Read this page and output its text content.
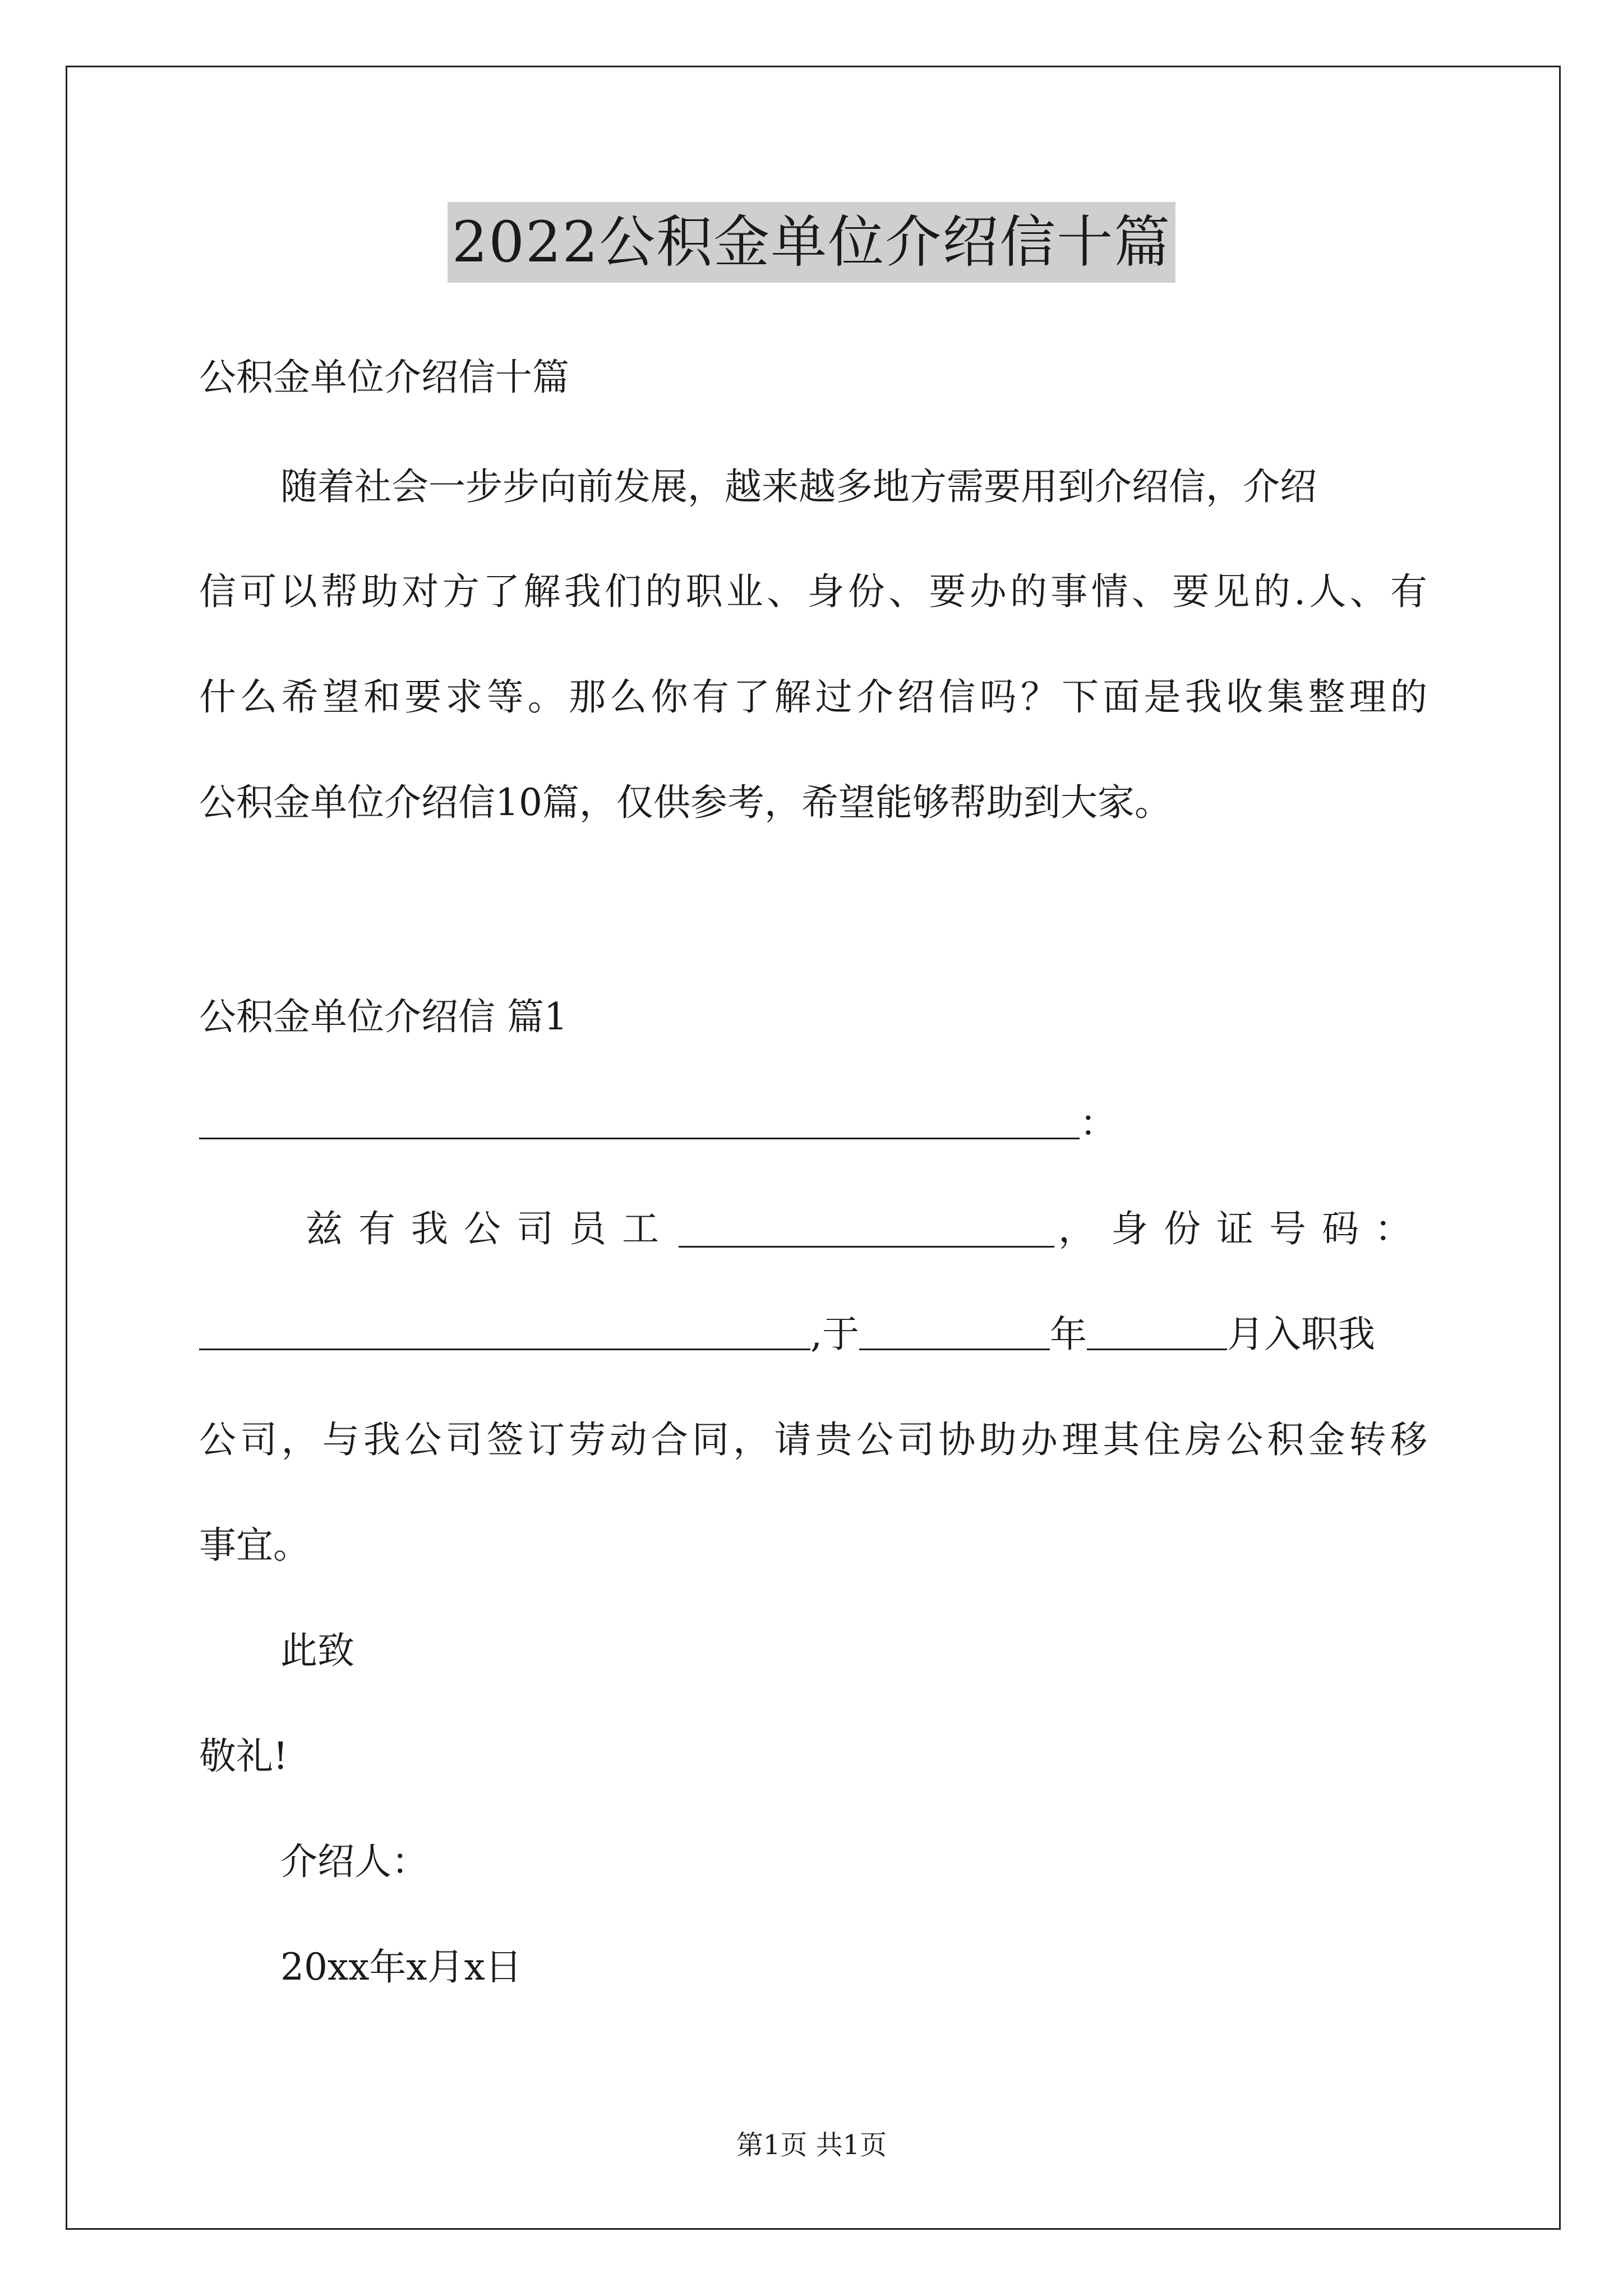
2022公积金单位介绍信十篇
公积金单位介绍信十篇
随着社会一步步向前发展，越来越多地方需要用到介绍信，介绍
信可以帮助对方了解我们的职业、身份、要办的事情、要见的.人、有
什么希望和要求等。那么你有了解过介绍信吗？下面是我收集整理的
公积金单位介绍信10篇，仅供参考，希望能够帮助到大家。
公积金单位介绍信 篇1
：
兹有我公司员工	，身份证号码：
,于	年	月入职我
公司，与我公司签订劳动合同，请贵公司协助办理其住房公积金转移
事宜。
此致
敬礼!
介绍人：
20xx年x月x日
第1页 共1页
